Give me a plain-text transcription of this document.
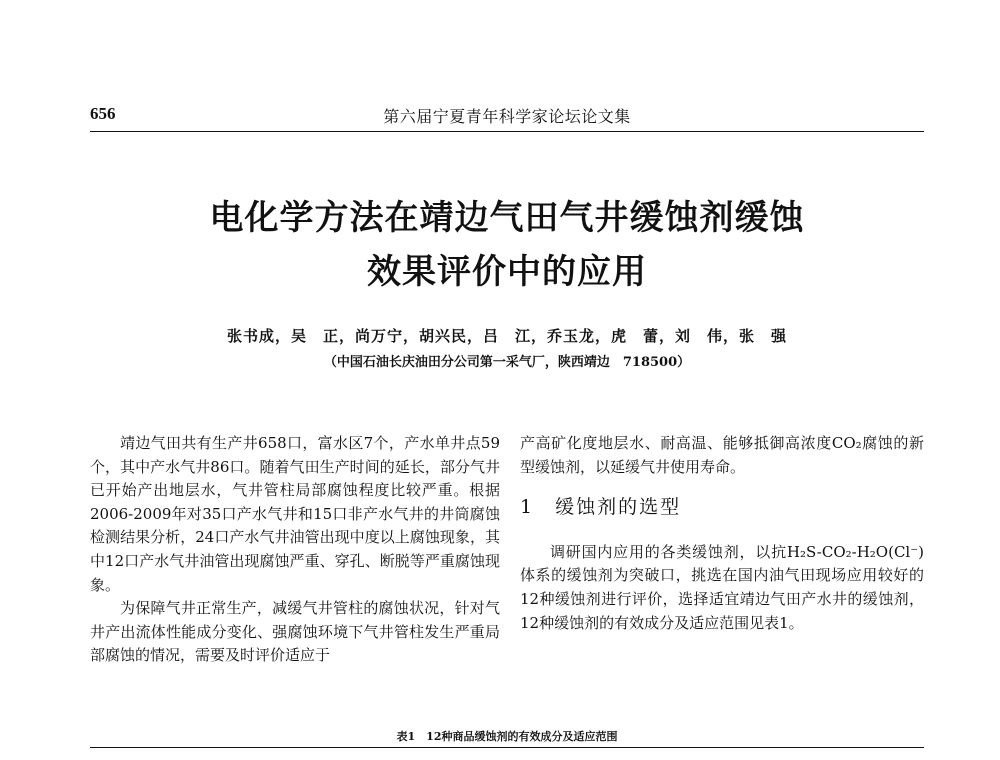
656	第六届宁夏青年科学家论坛论文集
电化学方法在靖边气田气井缓蚀剂缓蚀
效果评价中的应用
张书成，吴　正，尚万宁，胡兴民，吕　江，乔玉龙，虎　蕾，刘　伟，张　强
（中国石油长庆油田分公司第一采气厂，陕西靖边　718500）

靖边气田共有生产井658口，富水区7个，产水单井点59个，其中产水气井86口。随着气田生产时间的延长，部分气井已开始产出地层水，气井管柱局部腐蚀程度比较严重。根据2006-2009年对35口产水气井和15口非产水气井的井筒腐蚀检测结果分析，24口产水气井油管出现中度以上腐蚀现象，其中12口产水气井油管出现腐蚀严重、穿孔、断脱等严重腐蚀现象。

为保障气井正常生产，减缓气井管柱的腐蚀状况，针对气井产出流体性能成分变化、强腐蚀环境下气井管柱发生严重局部腐蚀的情况，需要及时评价适应于

产高矿化度地层水、耐高温、能够抵御高浓度CO₂腐蚀的新型缓蚀剂，以延缓气井使用寿命。

1　缓蚀剂的选型

调研国内应用的各类缓蚀剂，以抗H₂S-CO₂-H₂O(Cl⁻)体系的缓蚀剂为突破口，挑选在国内油气田现场应用较好的12种缓蚀剂进行评价，选择适宜靖边气田产水井的缓蚀剂，12种缓蚀剂的有效成分及适应范围见表1。

表1　12种商品缓蚀剂的有效成分及适应范围
